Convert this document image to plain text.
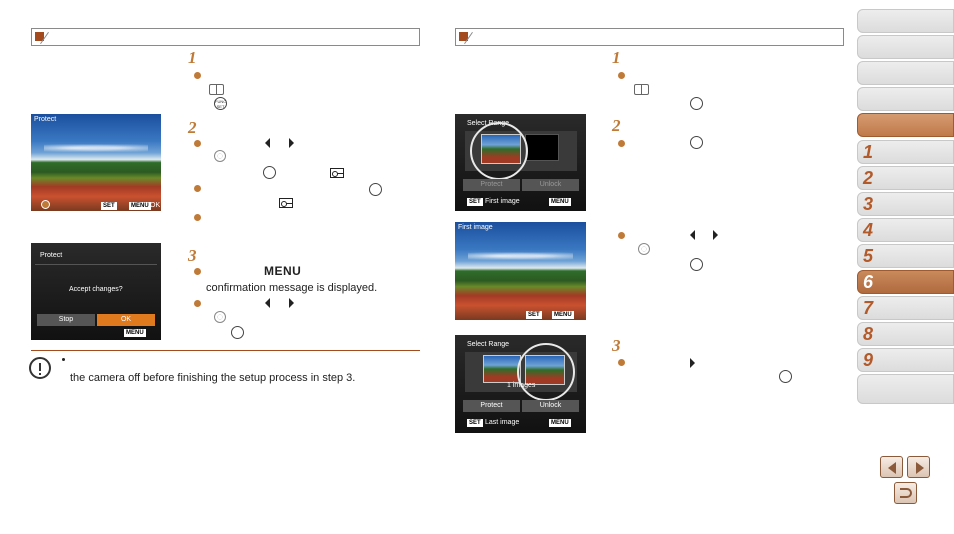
1
FUNC SET
Protect
SET	MENU OK
2
Protect
Accept changes?
Stop	OK
MENU
3
MENU
confirmation message is displayed.
the camera off before finishing the setup process in step 3.
1
Select Range
Protect	Unlock
SET First image	MENU
2
First image
SET	MENU
Select Range
1 images
Protect	Unlock
SET Last image	MENU
3
1
2
3
4
5
6
7
8
9
